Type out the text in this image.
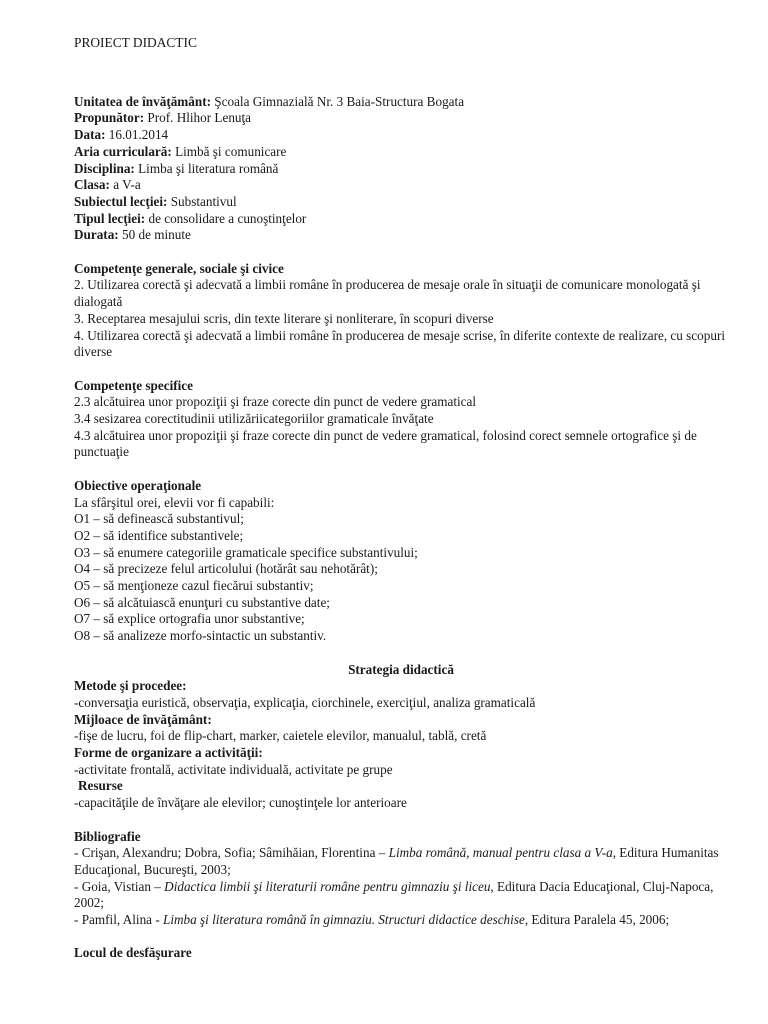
PROIECT DIDACTIC

Unitatea de învăţământ: Şcoala Gimnazială Nr. 3 Baia-Structura Bogata

Propunător: Prof. Hlihor Lenuţa

Data: 16.01.2014

Aria curriculară: Limbă şi comunicare

Disciplina: Limba şi literatura română

Clasa: a V-a

Subiectul lecţiei: Substantivul

Tipul lecţiei: de consolidare a cunoştinţelor

Durata: 50 de minute

Competenţe generale, sociale şi civice

2. Utilizarea corectă şi adecvată a limbii române în producerea de mesaje orale în situaţii de comunicare monologată şi dialogată

3. Receptarea mesajului scris, din texte literare şi nonliterare, în scopuri diverse

4. Utilizarea corectă şi adecvată a limbii române în producerea de mesaje scrise, în diferite contexte de realizare, cu scopuri diverse

Competenţe specifice

2.3 alcătuirea unor propoziţii şi fraze corecte din punct de vedere gramatical

3.4 sesizarea corectitudinii utilizăriicategoriilor gramaticale învăţate

4.3 alcătuirea unor propoziţii şi fraze corecte din punct de vedere gramatical, folosind corect semnele ortografice şi de punctuaţie

Obiective operaţionale

La sfârşitul orei, elevii vor fi capabili:

O1 – să definească substantivul;

O2 – să identifice substantivele;

O3 – să enumere categoriile gramaticale specifice substantivului;

O4 – să precizeze felul articolului (hotărât sau nehotărât);

O5 – să menţioneze cazul fiecărui substantiv;

O6 – să alcătuiască enunţuri cu substantive date;

O7 – să explice ortografia unor substantive;

O8 – să analizeze morfo-sintactic un substantiv.

Strategia didactică

Metode şi procedee:

-conversaţia euristică, observaţia, explicaţia, ciorchinele, exerciţiul, analiza gramaticală

Mijloace de învăţământ:

-fişe de lucru, foi de flip-chart, marker, caietele elevilor, manualul, tablă, cretă

Forme de organizare a activităţii:

-activitate frontală, activitate individuală, activitate pe grupe

Resurse

-capacităţile de învăţare ale elevilor; cunoştinţele lor anterioare

Bibliografie

- Crişan, Alexandru; Dobra, Sofia; Sâmihăian, Florentina – Limba română, manual pentru clasa a V-a, Editura Humanitas Educaţional, Bucureşti, 2003;

- Goia, Vistian – Didactica limbii şi literaturii române pentru gimnaziu şi liceu, Editura Dacia Educaţional, Cluj-Napoca, 2002;

- Pamfil, Alina - Limba şi literatura română în gimnaziu. Structuri didactice deschise, Editura Paralela 45, 2006;

Locul de desfăşurare
